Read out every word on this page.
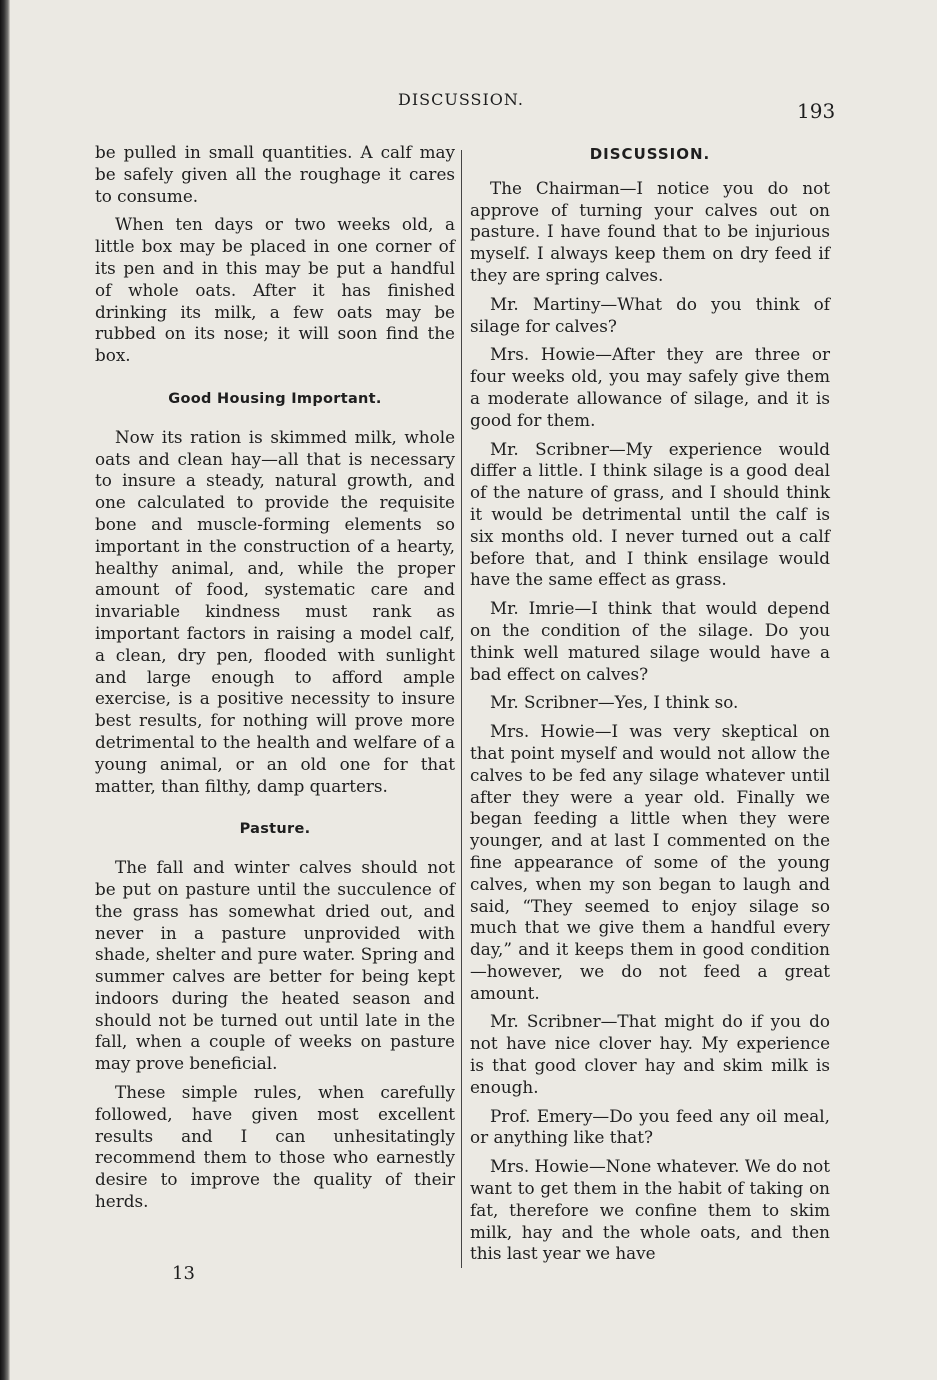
DISCUSSION.	193

be pulled in small quantities. A calf may be safely given all the roughage it cares to consume.

When ten days or two weeks old, a little box may be placed in one corner of its pen and in this may be put a handful of whole oats. After it has finished drinking its milk, a few oats may be rubbed on its nose; it will soon find the box.

Good Housing Important.

Now its ration is skimmed milk, whole oats and clean hay—all that is necessary to insure a steady, natural growth, and one calculated to provide the requisite bone and muscle-forming elements so important in the construction of a hearty, healthy animal, and, while the proper amount of food, systematic care and invariable kindness must rank as important factors in raising a model calf, a clean, dry pen, flooded with sunlight and large enough to afford ample exercise, is a positive necessity to insure best results, for nothing will prove more detrimental to the health and welfare of a young animal, or an old one for that matter, than filthy, damp quarters.

Pasture.

The fall and winter calves should not be put on pasture until the succulence of the grass has somewhat dried out, and never in a pasture unprovided with shade, shelter and pure water. Spring and summer calves are better for being kept indoors during the heated season and should not be turned out until late in the fall, when a couple of weeks on pasture may prove beneficial.

These simple rules, when carefully followed, have given most excellent results and I can unhesitatingly recommend them to those who earnestly desire to improve the quality of their herds.

DISCUSSION.

The Chairman—I notice you do not approve of turning your calves out on pasture. I have found that to be injurious myself. I always keep them on dry feed if they are spring calves.

Mr. Martiny—What do you think of silage for calves?

Mrs. Howie—After they are three or four weeks old, you may safely give them a moderate allowance of silage, and it is good for them.

Mr. Scribner—My experience would differ a little. I think silage is a good deal of the nature of grass, and I should think it would be detrimental until the calf is six months old. I never turned out a calf before that, and I think ensilage would have the same effect as grass.

Mr. Imrie—I think that would depend on the condition of the silage. Do you think well matured silage would have a bad effect on calves?

Mr. Scribner—Yes, I think so.

Mrs. Howie—I was very skeptical on that point myself and would not allow the calves to be fed any silage whatever until after they were a year old. Finally we began feeding a little when they were younger, and at last I commented on the fine appearance of some of the young calves, when my son began to laugh and said, “They seemed to enjoy silage so much that we give them a handful every day,” and it keeps them in good condition—however, we do not feed a great amount.

Mr. Scribner—That might do if you do not have nice clover hay. My experience is that good clover hay and skim milk is enough.

Prof. Emery—Do you feed any oil meal, or anything like that?

Mrs. Howie—None whatever. We do not want to get them in the habit of taking on fat, therefore we confine them to skim milk, hay and the whole oats, and then this last year we have

13
